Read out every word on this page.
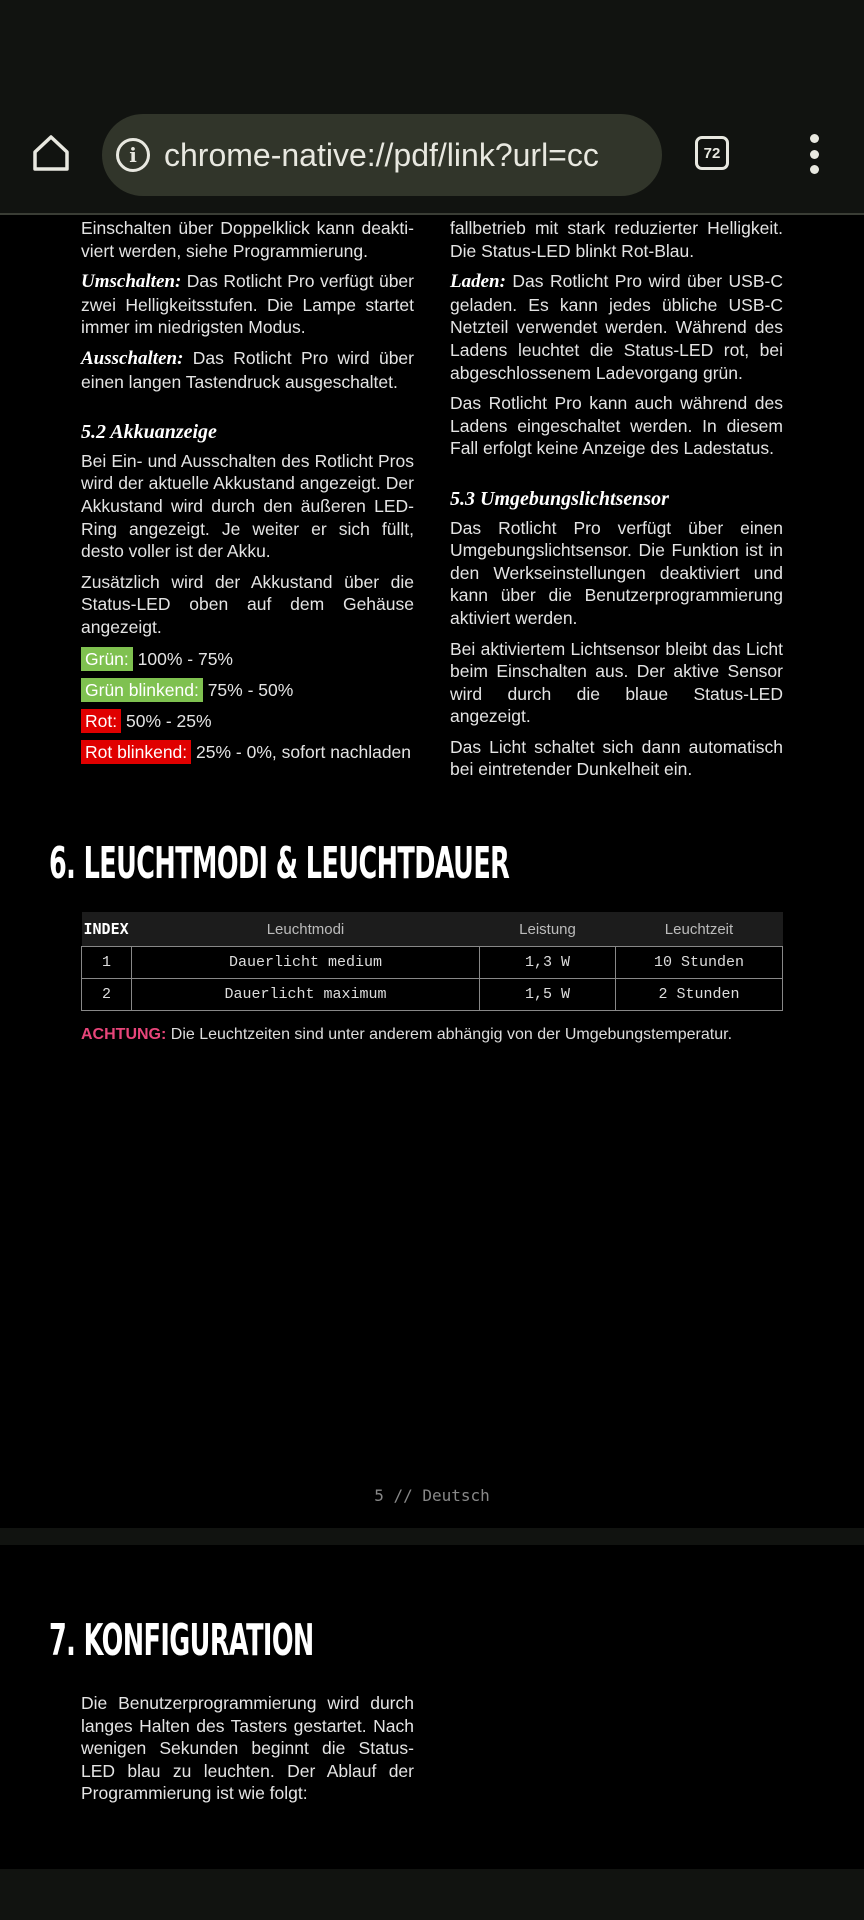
i chrome-native://pdf/link?url=cc	72

Einschalten über Doppelklick kann deakti- viert werden, siehe Programmierung.

Umschalten: Das Rotlicht Pro verfügt über zwei Helligkeitsstufen. Die Lampe startet immer im niedrigsten Modus.

Ausschalten: Das Rotlicht Pro wird über einen langen Tastendruck ausgeschaltet.

5.2 Akkuanzeige

Bei Ein- und Ausschalten des Rotlicht Pros wird der aktuelle Akkustand angezeigt. Der Akkustand wird durch den äußeren LED-Ring angezeigt. Je weiter er sich füllt, desto voller ist der Akku.

Zusätzlich wird der Akkustand über die Status-LED oben auf dem Gehäuse angezeigt.

Grün: 100% - 75%
Grün blinkend: 75% - 50%
Rot: 50% - 25%
Rot blinkend: 25% - 0%, sofort nachladen

fallbetrieb mit stark reduzierter Helligkeit. Die Status-LED blinkt Rot-Blau.

Laden: Das Rotlicht Pro wird über USB-C geladen. Es kann jedes übliche USB-C Netzteil verwendet werden. Während des Ladens leuchtet die Status-LED rot, bei abgeschlossenem Ladevorgang grün.

Das Rotlicht Pro kann auch während des Ladens eingeschaltet werden. In diesem Fall erfolgt keine Anzeige des Ladestatus.

5.3 Umgebungslichtsensor

Das Rotlicht Pro verfügt über einen Umgebungslichtsensor. Die Funktion ist in den Werkseinstellungen deaktiviert und kann über die Benutzerprogrammierung aktiviert werden.

Bei aktiviertem Lichtsensor bleibt das Licht beim Einschalten aus. Der aktive Sensor wird durch die blaue Status-LED angezeigt.

Das Licht schaltet sich dann automatisch bei eintretender Dunkelheit ein.

6. LEUCHTMODI & LEUCHTDAUER
INDEX	Leuchtmodi	Leistung	Leuchtzeit
1	Dauerlicht medium	1,3 W	10 Stunden
2	Dauerlicht maximum	1,5 W	2 Stunden
ACHTUNG: Die Leuchtzeiten sind unter anderem abhängig von der Umgebungstemperatur.
5 // Deutsch
7. KONFIGURATION

Die Benutzerprogrammierung wird durch langes Halten des Tasters gestartet. Nach wenigen Sekunden beginnt die Status-LED blau zu leuchten. Der Ablauf der Programmierung ist wie folgt:
